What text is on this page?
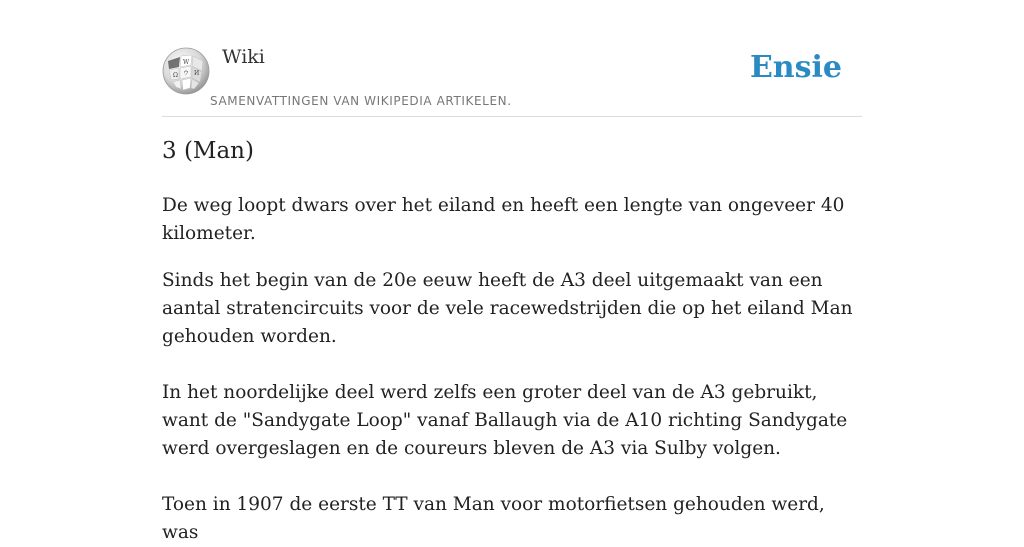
W
Ω	И
ウ
Wiki
SAMENVATTINGEN VAN WIKIPEDIA ARTIKELEN.
Ensie
3 (Man)

De weg loopt dwars over het eiland en heeft een lengte van ongeveer 40 kilometer.

Sinds het begin van de 20e eeuw heeft de A3 deel uitgemaakt van een aantal stratencircuits voor de vele racewedstrijden die op het eiland Man gehouden worden.

In het noordelijke deel werd zelfs een groter deel van de A3 gebruikt, want de "Sandygate Loop" vanaf Ballaugh via de A10 richting Sandygate werd overgeslagen en de coureurs bleven de A3 via Sulby volgen.

Toen in 1907 de eerste TT van Man voor motorfietsen gehouden werd, was
